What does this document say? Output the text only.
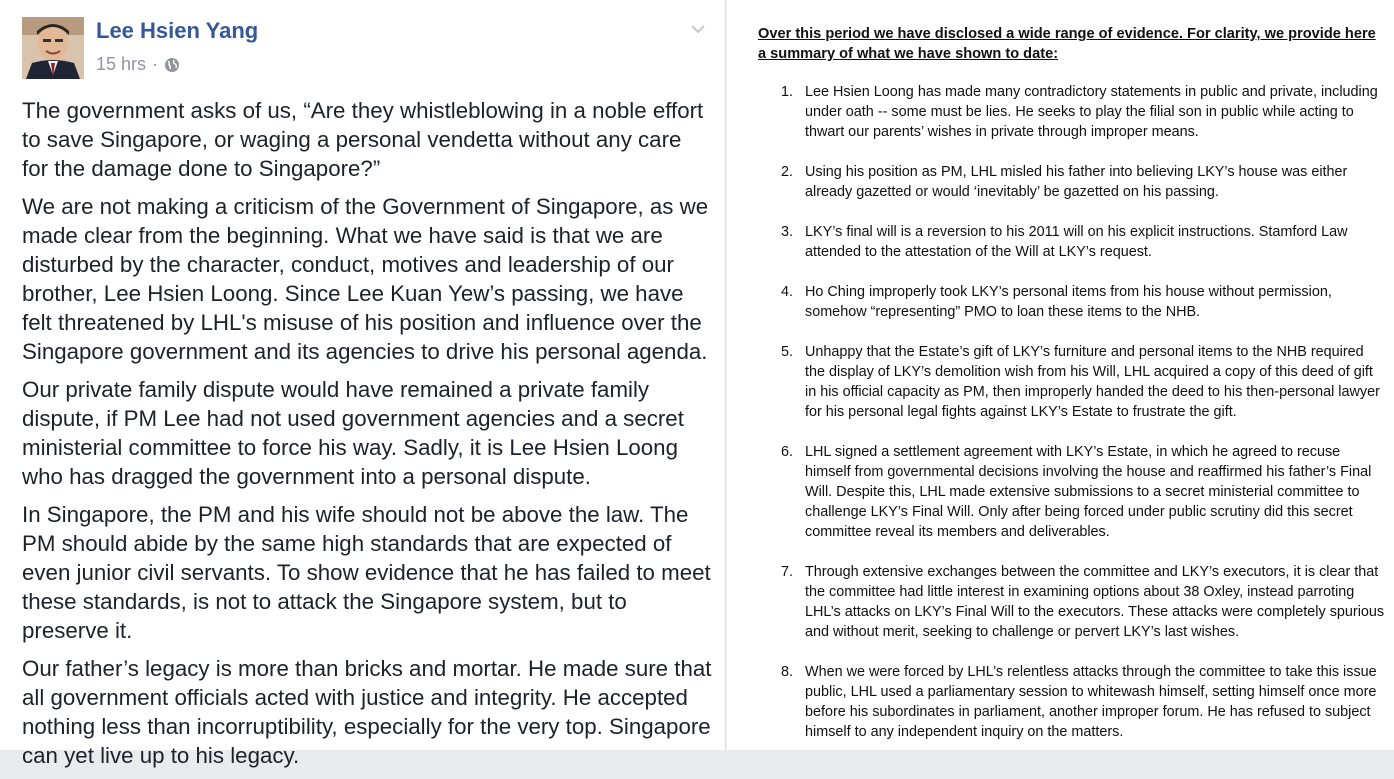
Lee Hsien Yang
15 hrs ·

The government asks of us, “Are they whistleblowing in a noble effort to save Singapore, or waging a personal vendetta without any care for the damage done to Singapore?”

We are not making a criticism of the Government of Singapore, as we made clear from the beginning. What we have said is that we are disturbed by the character, conduct, motives and leadership of our brother, Lee Hsien Loong. Since Lee Kuan Yew’s passing, we have felt threatened by LHL's misuse of his position and influence over the Singapore government and its agencies to drive his personal agenda.

Our private family dispute would have remained a private family dispute, if PM Lee had not used government agencies and a secret ministerial committee to force his way. Sadly, it is Lee Hsien Loong who has dragged the government into a personal dispute.

In Singapore, the PM and his wife should not be above the law. The PM should abide by the same high standards that are expected of even junior civil servants. To show evidence that he has failed to meet these standards, is not to attack the Singapore system, but to preserve it.

Our father’s legacy is more than bricks and mortar. He made sure that all government officials acted with justice and integrity. He accepted nothing less than incorruptibility, especially for the very top. Singapore can yet live up to his legacy.

Over this period we have disclosed a wide range of evidence. For clarity, we provide here a summary of what we have shown to date:
1. Lee Hsien Loong has made many contradictory statements in public and private, including under oath -- some must be lies. He seeks to play the filial son in public while acting to thwart our parents’ wishes in private through improper means.
2. Using his position as PM, LHL misled his father into believing LKY’s house was either already gazetted or would ‘inevitably’ be gazetted on his passing.
3. LKY’s final will is a reversion to his 2011 will on his explicit instructions. Stamford Law attended to the attestation of the Will at LKY’s request.
4. Ho Ching improperly took LKY’s personal items from his house without permission, somehow “representing” PMO to loan these items to the NHB.
5. Unhappy that the Estate’s gift of LKY’s furniture and personal items to the NHB required the display of LKY’s demolition wish from his Will, LHL acquired a copy of this deed of gift in his official capacity as PM, then improperly handed the deed to his then-personal lawyer for his personal legal fights against LKY’s Estate to frustrate the gift.
6. LHL signed a settlement agreement with LKY’s Estate, in which he agreed to recuse himself from governmental decisions involving the house and reaffirmed his father’s Final Will. Despite this, LHL made extensive submissions to a secret ministerial committee to challenge LKY’s Final Will. Only after being forced under public scrutiny did this secret committee reveal its members and deliverables.
7. Through extensive exchanges between the committee and LKY’s executors, it is clear that the committee had little interest in examining options about 38 Oxley, instead parroting LHL’s attacks on LKY’s Final Will to the executors. These attacks were completely spurious and without merit, seeking to challenge or pervert LKY’s last wishes.
8. When we were forced by LHL’s relentless attacks through the committee to take this issue public, LHL used a parliamentary session to whitewash himself, setting himself once more before his subordinates in parliament, another improper forum. He has refused to subject himself to any independent inquiry on the matters.
